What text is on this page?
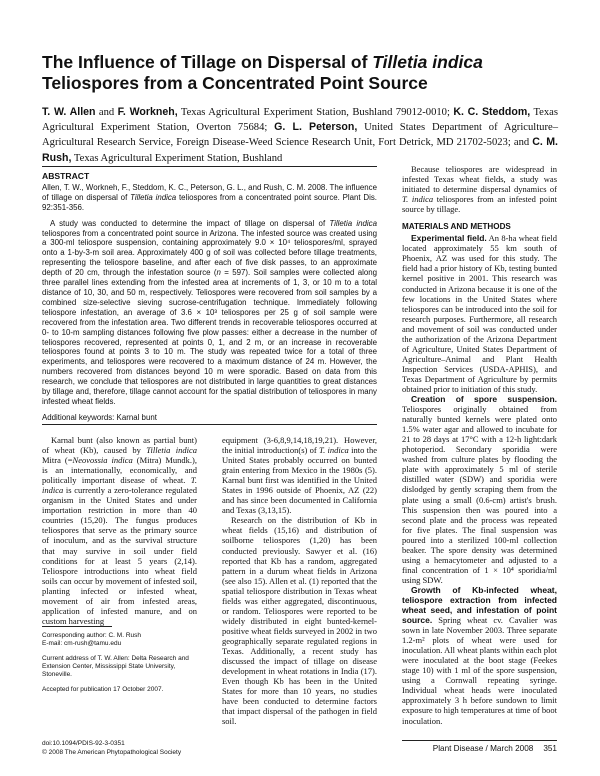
The Influence of Tillage on Dispersal of Tilletia indica Teliospores from a Concentrated Point Source
T. W. Allen and F. Workneh, Texas Agricultural Experiment Station, Bushland 79012-0010; K. C. Steddom, Texas Agricultural Experiment Station, Overton 75684; G. L. Peterson, United States Department of Agriculture–Agricultural Research Service, Foreign Disease-Weed Science Research Unit, Fort Detrick, MD 21702-5023; and C. M. Rush, Texas Agricultural Experiment Station, Bushland
ABSTRACT

Allen, T. W., Workneh, F., Steddom, K. C., Peterson, G. L., and Rush, C. M. 2008. The influence of tillage on dispersal of Tilletia indica teliospores from a concentrated point source. Plant Dis. 92:351-356.

A study was conducted to determine the impact of tillage on dispersal of Tilletia indica teliospores from a concentrated point source in Arizona. The infested source was created using a 300-ml teliospore suspension, containing approximately 9.0 × 10⁴ teliospores/ml, sprayed onto a 1-by-3-m soil area. Approximately 400 g of soil was collected before tillage treatments, representing the teliospore baseline, and after each of five disk passes, to an approximate depth of 20 cm, through the infestation source (n = 597). Soil samples were collected along three parallel lines extending from the infested area at increments of 1, 3, or 10 m to a total distance of 10, 30, and 50 m, respectively. Teliospores were recovered from soil samples by a combined size-selective sieving sucrose-centrifugation technique. Immediately following teliospore infestation, an average of 3.6 × 10³ teliospores per 25 g of soil sample were recovered from the infestation area. Two different trends in recoverable teliospores occurred at 0- to 10-m sampling distances following five plow passes: either a decrease in the number of teliospores recovered, represented at points 0, 1, and 2 m, or an increase in recoverable teliospores found at points 3 to 10 m. The study was repeated twice for a total of three experiments, and teliospores were recovered to a maximum distance of 24 m. However, the numbers recovered from distances beyond 10 m were sporadic. Based on data from this research, we conclude that teliospores are not distributed in large quantities to great distances by tillage and, therefore, tillage cannot account for the spatial distribution of teliospores in many infested wheat fields.

Additional keywords: Karnal bunt

Karnal bunt (also known as partial bunt) of wheat (Kb), caused by Tilletia indica Mitra (=Neovossia indica (Mitra) Mundk.), is an internationally, economically, and politically important disease of wheat. T. indica is currently a zero-tolerance regulated organism in the United States and under importation restriction in more than 40 countries (15,20). The fungus produces teliospores that serve as the primary source of inoculum, and as the survival structure that may survive in soil under field conditions for at least 5 years (2,14). Teliospore introductions into wheat field soils can occur by movement of infested soil, planting infected or infested wheat, movement of air from infested areas, application of infested manure, and on custom harvesting

Corresponding author: C. M. Rush
E-mail: cm-rush@tamu.edu

Current address of T. W. Allen: Delta Research and Extension Center, Mississippi State University, Stoneville.

Accepted for publication 17 October 2007.

doi:10.1094/PDIS-92-3-0351
© 2008 The American Phytopathological Society

equipment (3-6,8,9,14,18,19,21). However, the initial introduction(s) of T. indica into the United States probably occurred on bunted grain entering from Mexico in the 1980s (5). Karnal bunt first was identified in the United States in 1996 outside of Phoenix, AZ (22) and has since been documented in California and Texas (3,13,15).

Research on the distribution of Kb in wheat fields (15,16) and distribution of soilborne teliospores (1,20) has been conducted previously. Sawyer et al. (16) reported that Kb has a random, aggregated pattern in a durum wheat fields in Arizona (see also 15). Allen et al. (1) reported that the spatial teliospore distribution in Texas wheat fields was either aggregated, discontinuous, or random. Teliospores were reported to be widely distributed in eight bunted-kernel-positive wheat fields surveyed in 2002 in two geographically separate regulated regions in Texas. Additionally, a recent study has discussed the impact of tillage on disease development in wheat rotations in India (17). Even though Kb has been in the United States for more than 10 years, no studies have been conducted to determine factors that impact dispersal of the pathogen in field soil.

Because teliospores are widespread in infested Texas wheat fields, a study was initiated to determine dispersal dynamics of T. indica teliospores from an infested point source by tillage.

MATERIALS AND METHODS

Experimental field. An 8-ha wheat field located approximately 55 km south of Phoenix, AZ was used for this study. The field had a prior history of Kb, testing bunted kernel positive in 2001. This research was conducted in Arizona because it is one of the few locations in the United States where teliospores can be introduced into the soil for research purposes. Furthermore, all research and movement of soil was conducted under the authorization of the Arizona Department of Agriculture, United States Department of Agriculture–Animal and Plant Health Inspection Services (USDA-APHIS), and Texas Department of Agriculture by permits obtained prior to initiation of this study.

Creation of spore suspension. Teliospores originally obtained from naturally bunted kernels were plated onto 1.5% water agar and allowed to incubate for 21 to 28 days at 17°C with a 12-h light:dark photoperiod. Secondary sporidia were washed from culture plates by flooding the plate with approximately 5 ml of sterile distilled water (SDW) and sporidia were dislodged by gently scraping them from the plate using a small (0.6-cm) artist's brush. This suspension then was poured into a second plate and the process was repeated for five plates. The final suspension was poured into a sterilized 100-ml collection beaker. The spore density was determined using a hemacytometer and adjusted to a final concentration of 1 × 10⁴ sporidia/ml using SDW.

Growth of Kb-infected wheat, teliospore extraction from infected wheat seed, and infestation of point source. Spring wheat cv. Cavalier was sown in late November 2003. Three separate 1.2-m² plots of wheat were used for inoculation. All wheat plants within each plot were inoculated at the boot stage (Feekes stage 10) with 1 ml of the spore suspension, using a Cornwall repeating syringe. Individual wheat heads were inoculated approximately 3 h before sundown to limit exposure to high temperatures at time of boot inoculation.

Plant Disease / March 2008 351
